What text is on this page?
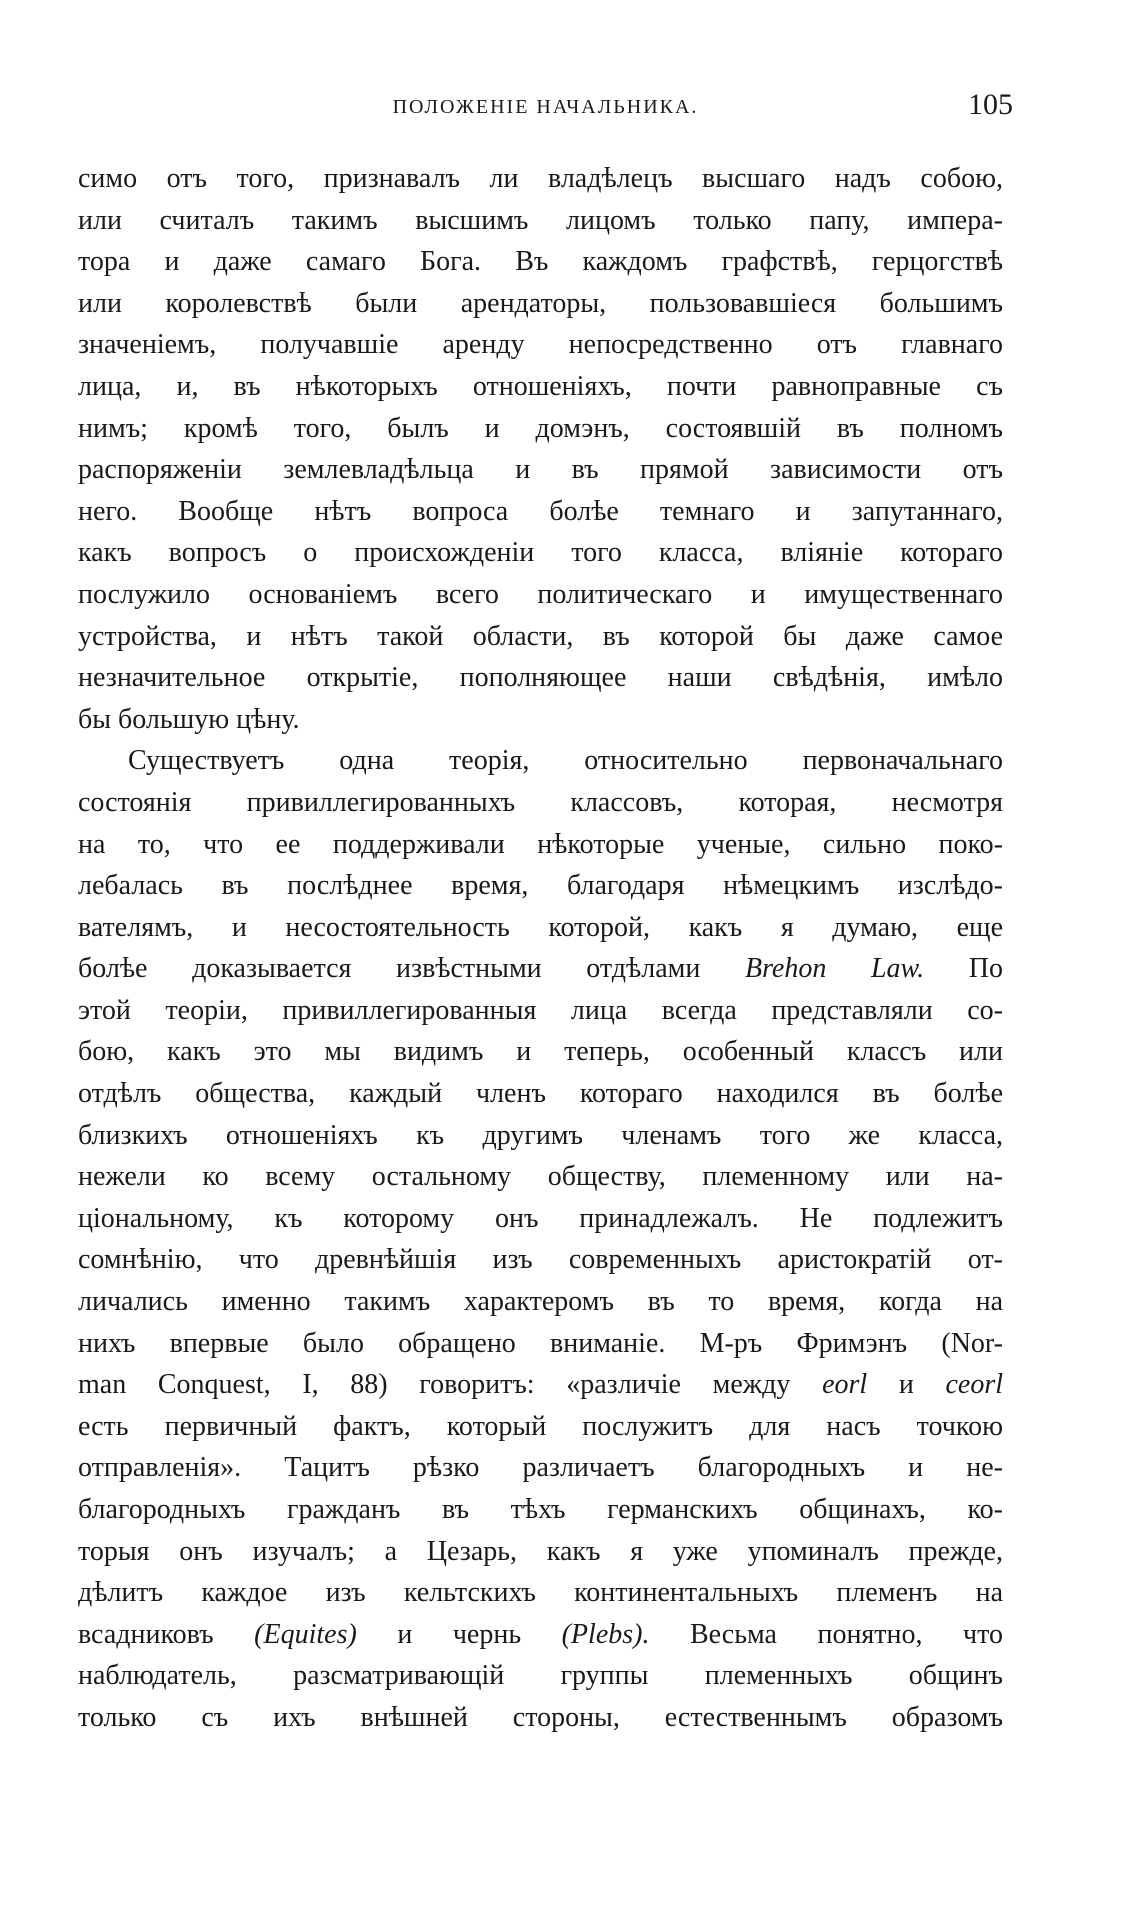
ПОЛОЖЕНІЕ НАЧАЛЬНИКА.	105
симо отъ того, признавалъ ли владѣлецъ высшаго надъ собою,
или считалъ такимъ высшимъ лицомъ только папу, импера-
тора и даже самаго Бога. Въ каждомъ графствѣ, герцогствѣ
или королевствѣ были арендаторы, пользовавшіеся большимъ
значеніемъ, получавшіе аренду непосредственно отъ главнаго
лица, и, въ нѣкоторыхъ отношеніяхъ, почти равноправные съ
нимъ; кромѣ того, былъ и домэнъ, состоявшій въ полномъ
распоряженіи землевладѣльца и въ прямой зависимости отъ
него. Вообще нѣтъ вопроса болѣе темнаго и запутаннаго,
какъ вопросъ о происхожденіи того класса, вліяніе котораго
послужило основаніемъ всего политическаго и имущественнаго
устройства, и нѣтъ такой области, въ которой бы даже самое
незначительное открытіе, пополняющее наши свѣдѣнія, имѣло
бы большую цѣну.
Существуетъ одна теорія, относительно первоначальнаго
состоянія привиллегированныхъ классовъ, которая, несмотря
на то, что ее поддерживали нѣкоторые ученые, сильно поко-
лебалась въ послѣднее время, благодаря нѣмецкимъ изслѣдо-
вателямъ, и несостоятельность которой, какъ я думаю, еще
болѣе доказывается извѣстными отдѣлами Brehon Law. По
этой теоріи, привиллегированныя лица всегда представляли со-
бою, какъ это мы видимъ и теперь, особенный классъ или
отдѣлъ общества, каждый членъ котораго находился въ болѣе
близкихъ отношеніяхъ къ другимъ членамъ того же класса,
нежели ко всему остальному обществу, племенному или на-
ціональному, къ которому онъ принадлежалъ. Не подлежитъ
сомнѣнію, что древнѣйшія изъ современныхъ аристократій от-
личались именно такимъ характеромъ въ то время, когда на
нихъ впервые было обращено вниманіе. М-ръ Фримэнъ (Nor-
man Conquest, I, 88) говоритъ: «различіе между eorl и ceorl
есть первичный фактъ, который послужитъ для насъ точкою
отправленія». Тацитъ рѣзко различаетъ благородныхъ и не-
благородныхъ гражданъ въ тѣхъ германскихъ общинахъ, ко-
торыя онъ изучалъ; а Цезарь, какъ я уже упоминалъ прежде,
дѣлитъ каждое изъ кельтскихъ континентальныхъ племенъ на
всадниковъ (Equites) и чернь (Plebs). Весьма понятно, что
наблюдатель, разсматривающій группы племенныхъ общинъ
только съ ихъ внѣшней стороны, естественнымъ образомъ
